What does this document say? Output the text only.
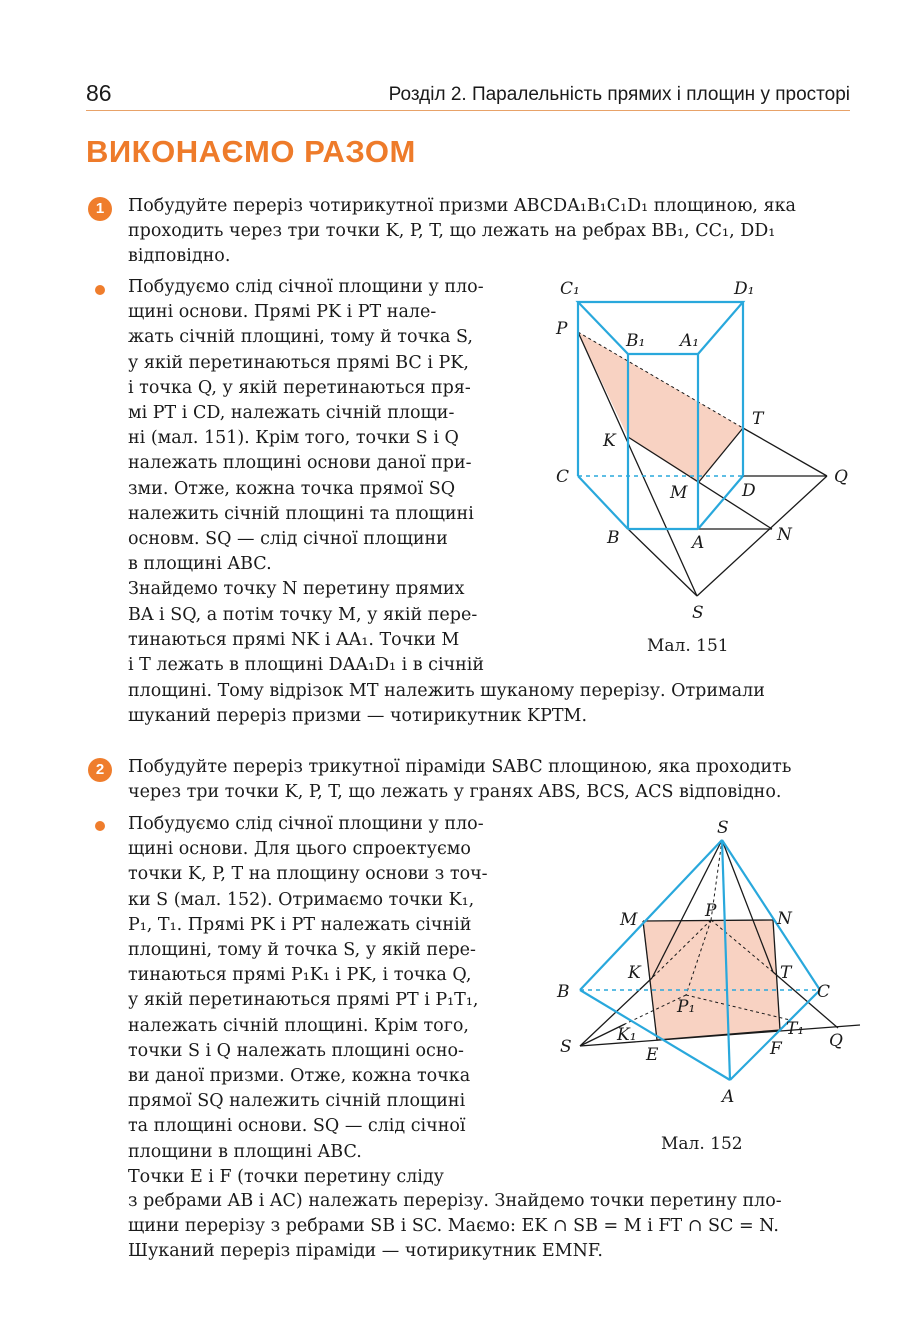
86	Розділ 2. Паралельність прямих і площин у просторі
ВИКОНАЄМО РАЗОМ
1	Побудуйте переріз чотирикутної призми ABCDA₁B₁C₁D₁ площиною, яка
проходить через три точки K, P, T, що лежать на ребрах BB₁, CC₁, DD₁
відповідно.

Побудуємо слід січної площини у пло-
щині основи. Прямі PK і PT нале-
жать січній площині, тому й точка S,
у якій перетинаються прямі BC і PK,
і точка Q, у якій перетинаються пря-
мі PT і CD, належать січній площи-
ні (мал. 151). Крім того, точки S і Q
належать площині основи даної при-
зми. Отже, кожна точка прямої SQ
належить січній площині та площині
основм. SQ — слід січної площини
в площині ABC.
Знайдемо точку N перетину прямих
BA і SQ, а потім точку M, у якій пере-
тинаються прямі NK і AA₁. Точки M
і T лежать в площині DAA₁D₁ і в січній

площині. Тому відрізок MT належить шуканому перерізу. Отримали
шуканий переріз призми — чотирикутник KPTM.

C₁	D₁
P
B₁ A₁
T
K
C
M	D
Q
B	A	N
S
Мал. 151
2	Побудуйте переріз трикутної піраміди SABC площиною, яка проходить
через три точки K, P, T, що лежать у гранях ABS, BCS, ACS відповідно.

Побудуємо слід січної площини у пло-
щині основи. Для цього спроектуємо
точки K, P, T на площину основи з точ-
ки S (мал. 152). Отримаємо точки K₁,
P₁, T₁. Прямі PK і PT належать січній
площині, тому й точка S, у якій пере-
тинаються прямі P₁K₁ і PK, і точка Q,
у якій перетинаються прямі PT і P₁T₁,
належать січній площині. Крім того,
точки S і Q належать площині осно-
ви даної призми. Отже, кожна точка
прямої SQ належить січній площині
та площині основи. SQ — слід січної
площини в площині ABC.
Точки E і F (точки перетину сліду

з ребрами AB і AC) належать перерізу. Знайдемо точки перетину пло-
щини перерізу з ребрами SB і SC. Маємо: EK ∩ SB = M і FT ∩ SC = N.
Шуканий переріз піраміди — чотирикутник EMNF.

S
M	P	N
K	T
B	C
P₁
K₁	T₁
S	E	F	Q
A
Мал. 152
